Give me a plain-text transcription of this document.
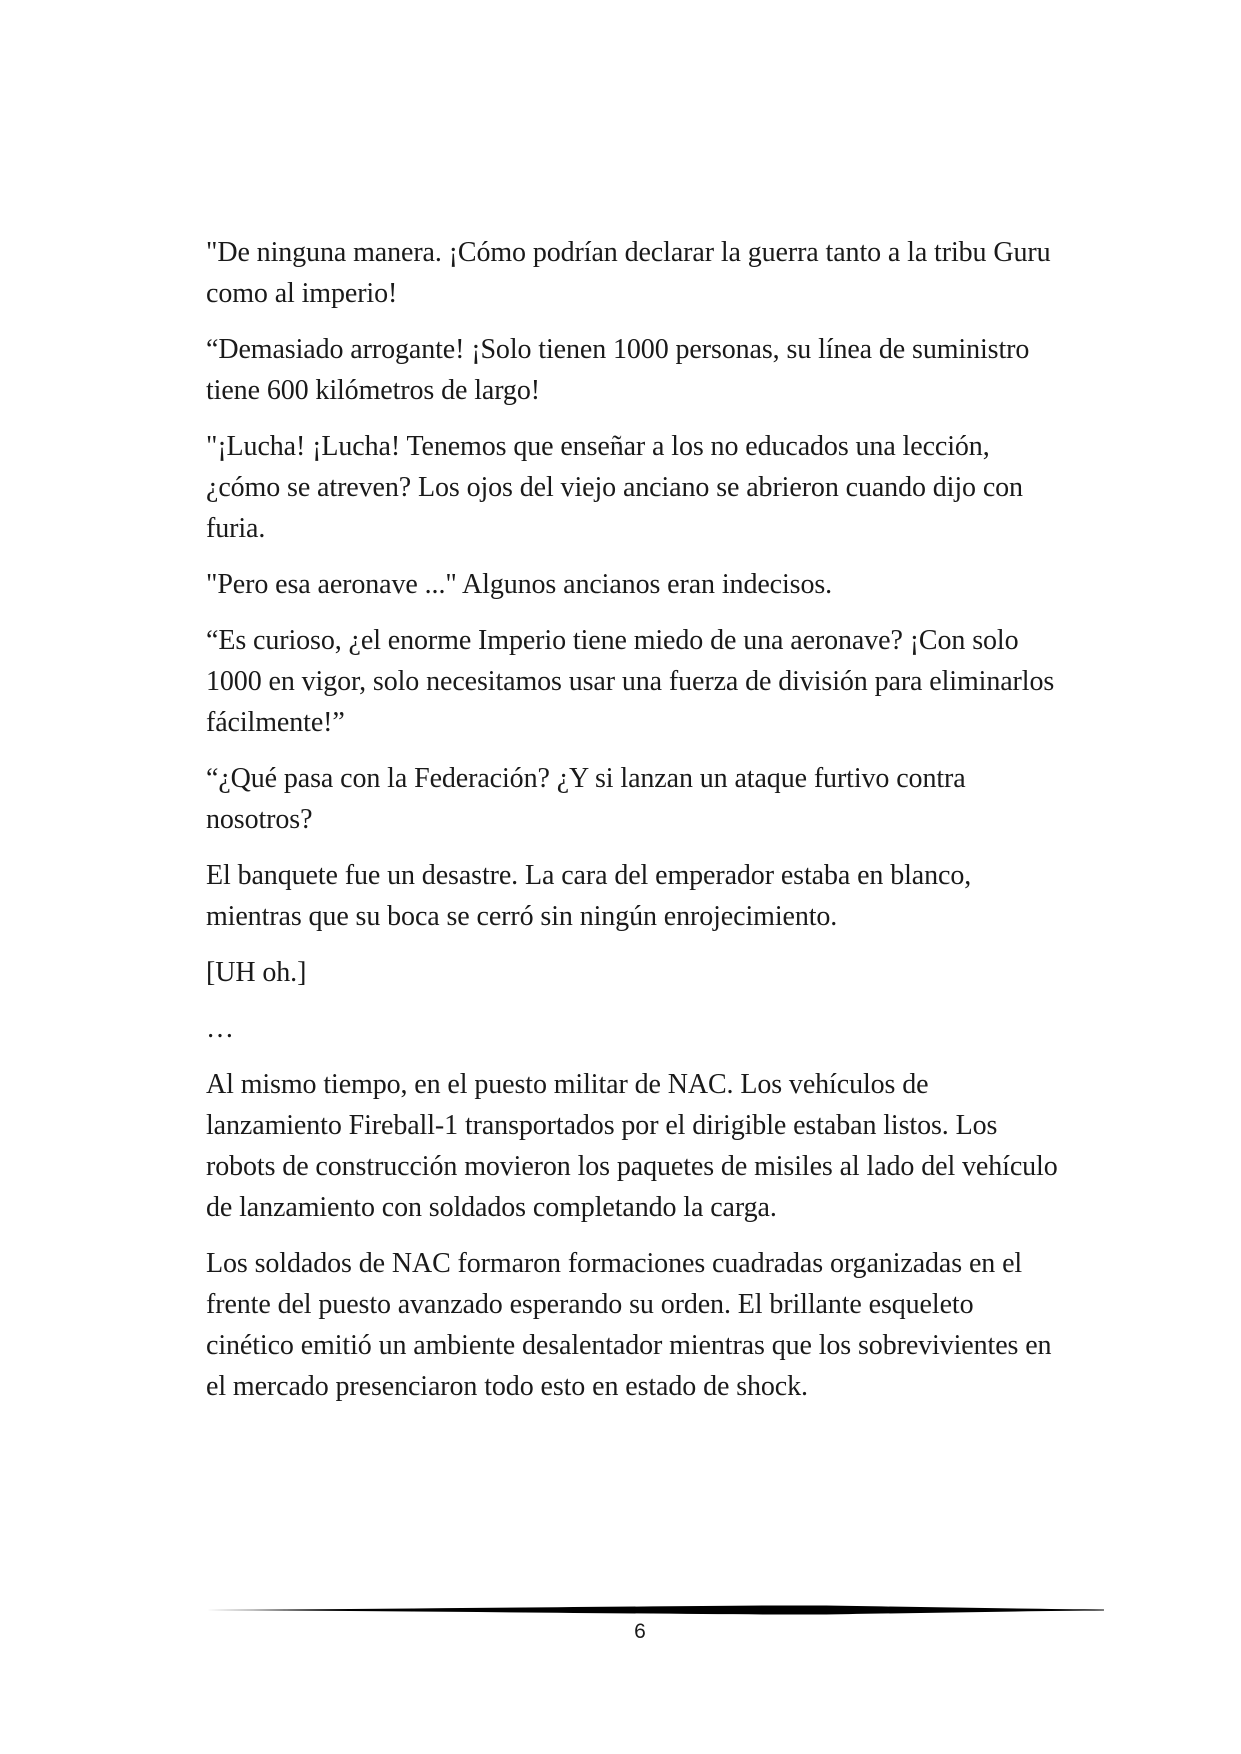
"De ninguna manera. ¡Cómo podrían declarar la guerra tanto a la tribu Guru como al imperio!

“Demasiado arrogante! ¡Solo tienen 1000 personas, su línea de suministro tiene 600 kilómetros de largo!

"¡Lucha! ¡Lucha! Tenemos que enseñar a los no educados una lección, ¿cómo se atreven? Los ojos del viejo anciano se abrieron cuando dijo con furia.

"Pero esa aeronave ..." Algunos ancianos eran indecisos.

“Es curioso, ¿el enorme Imperio tiene miedo de una aeronave? ¡Con solo 1000 en vigor, solo necesitamos usar una fuerza de división para eliminarlos fácilmente!”

“¿Qué pasa con la Federación? ¿Y si lanzan un ataque furtivo contra nosotros?

El banquete fue un desastre. La cara del emperador estaba en blanco, mientras que su boca se cerró sin ningún enrojecimiento.

[UH oh.]

…

Al mismo tiempo, en el puesto militar de NAC. Los vehículos de lanzamiento Fireball-1 transportados por el dirigible estaban listos. Los robots de construcción movieron los paquetes de misiles al lado del vehículo de lanzamiento con soldados completando la carga.

Los soldados de NAC formaron formaciones cuadradas organizadas en el frente del puesto avanzado esperando su orden. El brillante esqueleto cinético emitió un ambiente desalentador mientras que los sobrevivientes en el mercado presenciaron todo esto en estado de shock.

6
